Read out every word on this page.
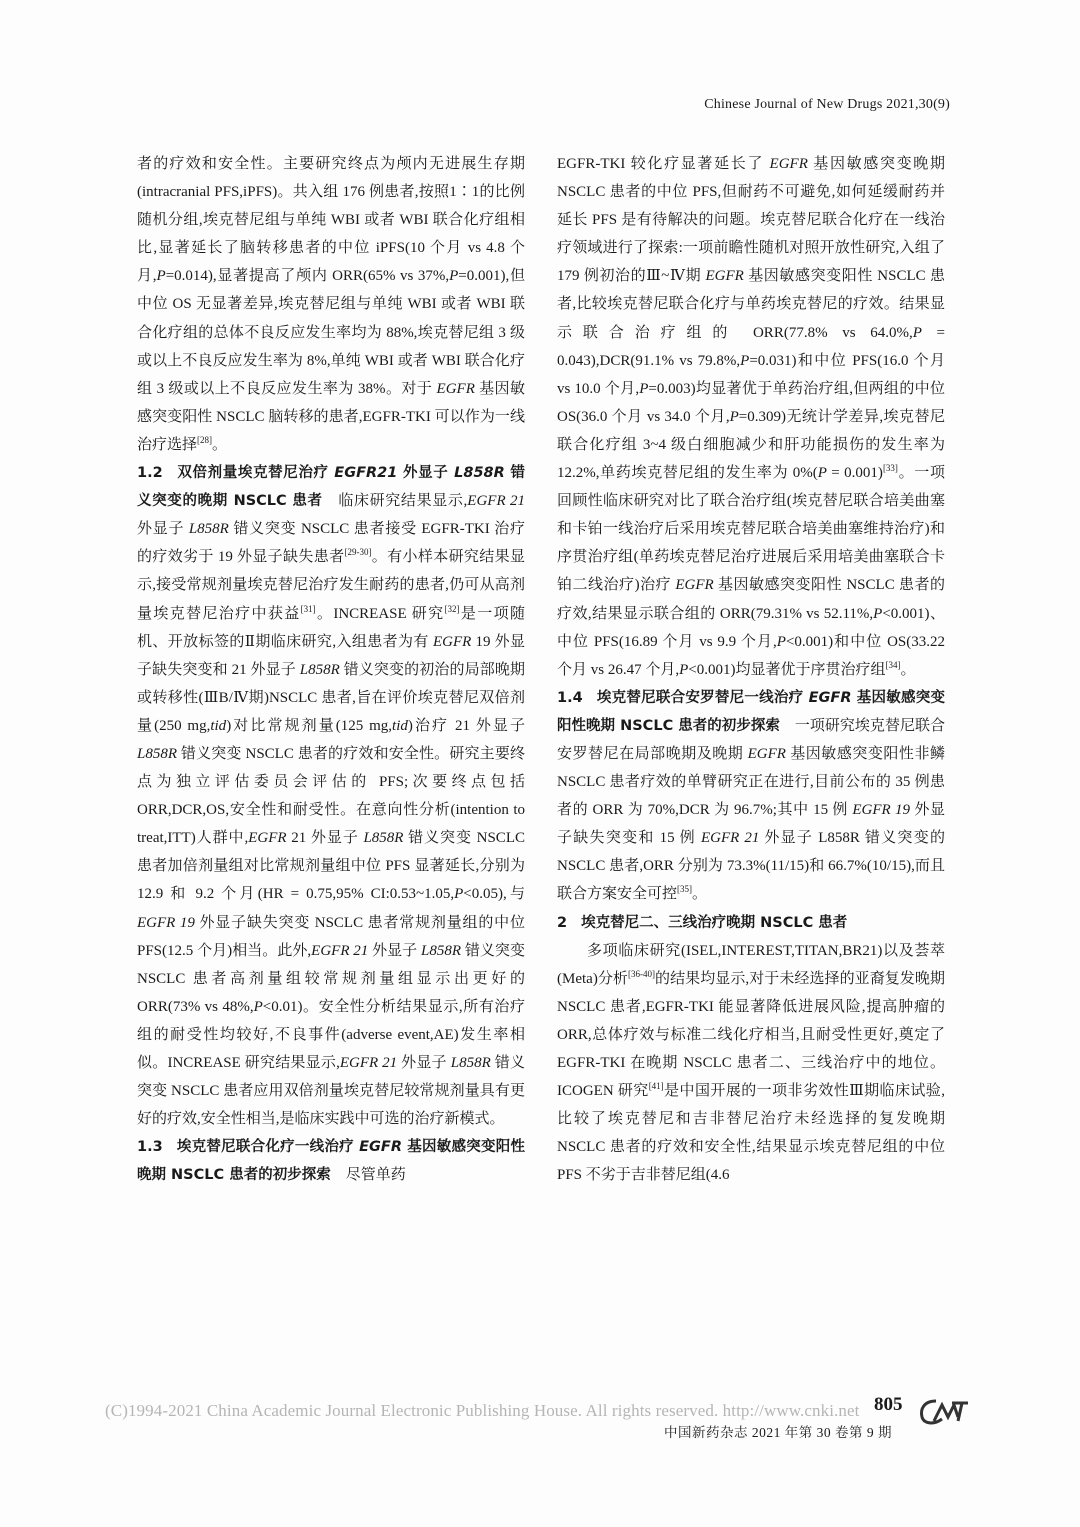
Chinese Journal of New Drugs 2021,30(9)

者的疗效和安全性。主要研究终点为颅内无进展生存期(intracranial PFS,iPFS)。共入组 176 例患者,按照1∶1的比例随机分组,埃克替尼组与单纯 WBI 或者 WBI 联合化疗组相比,显著延长了脑转移患者的中位 iPFS(10 个月 vs 4.8 个月,P=0.014),显著提高了颅内 ORR(65% vs 37%,P=0.001),但中位 OS 无显著差异,埃克替尼组与单纯 WBI 或者 WBI 联合化疗组的总体不良反应发生率均为 88%,埃克替尼组 3 级或以上不良反应发生率为 8%,单纯 WBI 或者 WBI 联合化疗组 3 级或以上不良反应发生率为 38%。对于 EGFR 基因敏感突变阳性 NSCLC 脑转移的患者,EGFR-TKI 可以作为一线治疗选择[28]。

1.2 双倍剂量埃克替尼治疗 EGFR21 外显子 L858R 错义突变的晚期 NSCLC 患者  临床研究结果显示,EGFR 21 外显子 L858R 错义突变 NSCLC 患者接受 EGFR-TKI 治疗的疗效劣于 19 外显子缺失患者[29-30]。有小样本研究结果显示,接受常规剂量埃克替尼治疗发生耐药的患者,仍可从高剂量埃克替尼治疗中获益[31]。INCREASE 研究[32]是一项随机、开放标签的Ⅱ期临床研究,入组患者为有 EGFR 19 外显子缺失突变和 21 外显子 L858R 错义突变的初治的局部晚期或转移性(ⅢB/Ⅳ期)NSCLC 患者,旨在评价埃克替尼双倍剂量(250 mg,tid)对比常规剂量(125 mg,tid)治疗 21 外显子 L858R 错义突变 NSCLC 患者的疗效和安全性。研究主要终点为独立评估委员会评估的 PFS;次要终点包括 ORR,DCR,OS,安全性和耐受性。在意向性分析(intention to treat,ITT)人群中,EGFR 21 外显子 L858R 错义突变 NSCLC 患者加倍剂量组对比常规剂量组中位 PFS 显著延长,分别为 12.9 和 9.2 个月(HR = 0.75,95% CI:0.53~1.05,P<0.05),与 EGFR 19 外显子缺失突变 NSCLC 患者常规剂量组的中位 PFS(12.5 个月)相当。此外,EGFR 21 外显子 L858R 错义突变 NSCLC 患者高剂量组较常规剂量组显示出更好的 ORR(73% vs 48%,P<0.01)。安全性分析结果显示,所有治疗组的耐受性均较好,不良事件(adverse event,AE)发生率相似。INCREASE 研究结果显示,EGFR 21 外显子 L858R 错义突变 NSCLC 患者应用双倍剂量埃克替尼较常规剂量具有更好的疗效,安全性相当,是临床实践中可选的治疗新模式。

1.3 埃克替尼联合化疗一线治疗 EGFR 基因敏感突变阳性晚期 NSCLC 患者的初步探索  尽管单药

EGFR-TKI 较化疗显著延长了 EGFR 基因敏感突变晚期 NSCLC 患者的中位 PFS,但耐药不可避免,如何延缓耐药并延长 PFS 是有待解决的问题。埃克替尼联合化疗在一线治疗领域进行了探索:一项前瞻性随机对照开放性研究,入组了 179 例初治的Ⅲ~Ⅳ期 EGFR 基因敏感突变阳性 NSCLC 患者,比较埃克替尼联合化疗与单药埃克替尼的疗效。结果显示联合治疗组的 ORR(77.8% vs 64.0%,P = 0.043),DCR(91.1% vs 79.8%,P=0.031)和中位 PFS(16.0 个月 vs 10.0 个月,P=0.003)均显著优于单药治疗组,但两组的中位 OS(36.0 个月 vs 34.0 个月,P=0.309)无统计学差异,埃克替尼联合化疗组 3~4 级白细胞减少和肝功能损伤的发生率为 12.2%,单药埃克替尼组的发生率为 0%(P = 0.001)[33]。一项回顾性临床研究对比了联合治疗组(埃克替尼联合培美曲塞和卡铂一线治疗后采用埃克替尼联合培美曲塞维持治疗)和序贯治疗组(单药埃克替尼治疗进展后采用培美曲塞联合卡铂二线治疗)治疗 EGFR 基因敏感突变阳性 NSCLC 患者的疗效,结果显示联合组的 ORR(79.31% vs 52.11%,P<0.001)、中位 PFS(16.89 个月 vs 9.9 个月,P<0.001)和中位 OS(33.22 个月 vs 26.47 个月,P<0.001)均显著优于序贯治疗组[34]。

1.4 埃克替尼联合安罗替尼一线治疗 EGFR 基因敏感突变阳性晚期 NSCLC 患者的初步探索  一项研究埃克替尼联合安罗替尼在局部晚期及晚期 EGFR 基因敏感突变阳性非鳞 NSCLC 患者疗效的单臂研究正在进行,目前公布的 35 例患者的 ORR 为 70%,DCR 为 96.7%;其中 15 例 EGFR 19 外显子缺失突变和 15 例 EGFR 21 外显子 L858R 错义突变的 NSCLC 患者,ORR 分别为 73.3%(11/15)和 66.7%(10/15),而且联合方案安全可控[35]。

2 埃克替尼二、三线治疗晚期 NSCLC 患者

多项临床研究(ISEL,INTEREST,TITAN,BR21)以及荟萃(Meta)分析[36-40]的结果均显示,对于未经选择的亚裔复发晚期 NSCLC 患者,EGFR-TKI 能显著降低进展风险,提高肿瘤的 ORR,总体疗效与标准二线化疗相当,且耐受性更好,奠定了 EGFR-TKI 在晚期 NSCLC 患者二、三线治疗中的地位。ICOGEN 研究[41]是中国开展的一项非劣效性Ⅲ期临床试验,比较了埃克替尼和吉非替尼治疗未经选择的复发晚期 NSCLC 患者的疗效和安全性,结果显示埃克替尼组的中位 PFS 不劣于吉非替尼组(4.6

(C)1994-2021 China Academic Journal Electronic Publishing House. All rights reserved. http://www.cnki.net 805
中国新药杂志 2021 年第 30 卷第 9 期
